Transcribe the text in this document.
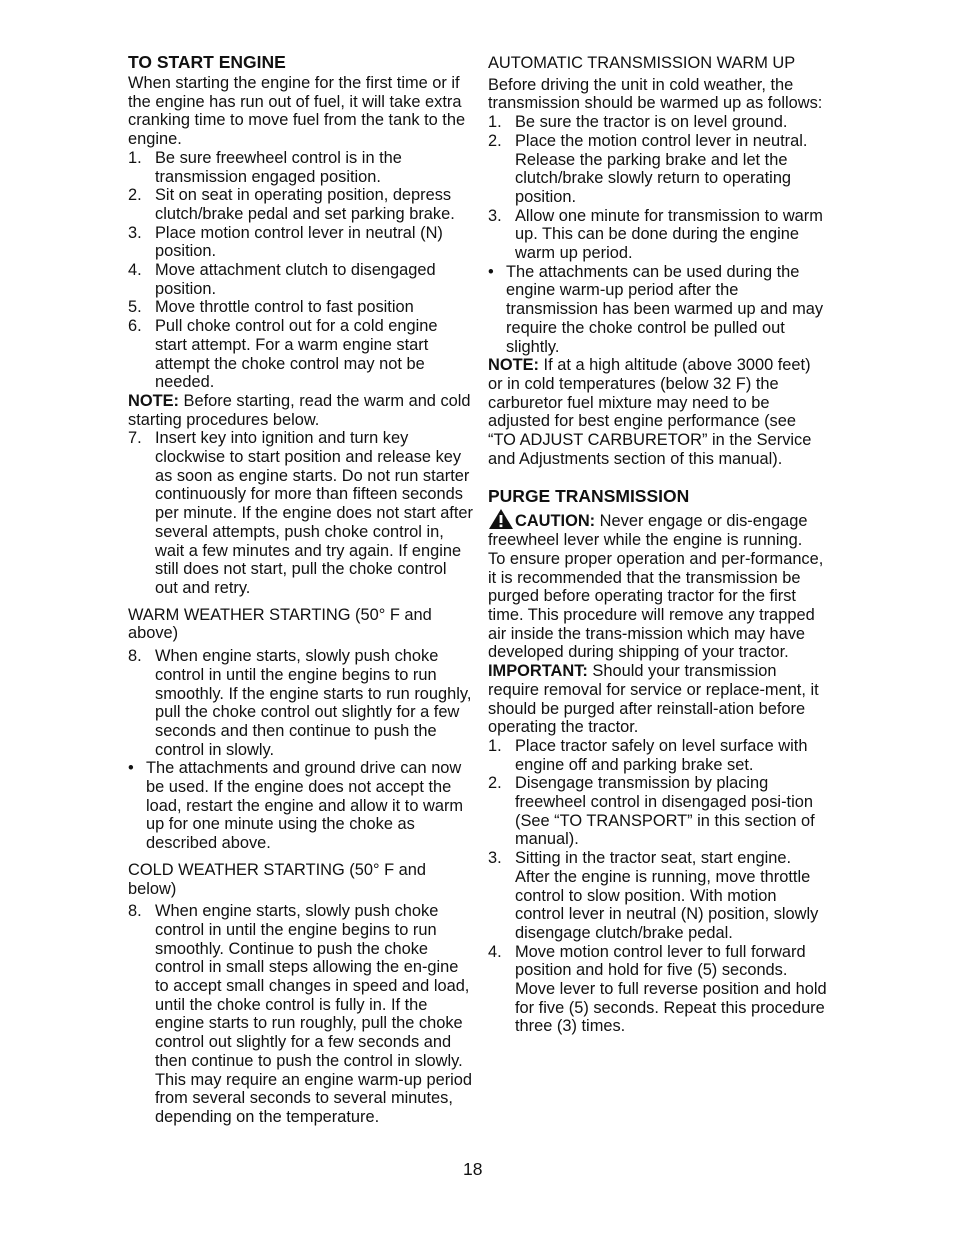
TO START ENGINE

When starting the engine for the first time or if the engine has run out of fuel, it will take extra cranking time to move fuel from the tank to the engine.

1. Be sure freewheel control is in the transmission engaged position.
2. Sit on seat in operating position, depress clutch/brake pedal and set parking brake.
3. Place motion control lever in neutral (N) position.
4. Move attachment clutch to disengaged position.
5. Move throttle control to fast position
6. Pull choke control out for a cold engine start attempt. For a warm engine start attempt the choke control may not be needed.

NOTE: Before starting, read the warm and cold starting procedures below.

7. Insert key into ignition and turn key clockwise to start position and release key as soon as engine starts. Do not run starter continuously for more than fifteen seconds per minute. If the engine does not start after several attempts, push choke control in, wait a few minutes and try again. If engine still does not start, pull the choke control out and retry.

WARM WEATHER STARTING (50° F and above)

8. When engine starts, slowly push choke control in until the engine begins to run smoothly. If the engine starts to run roughly, pull the choke control out slightly for a few seconds and then continue to push the control in slowly.
• The attachments and ground drive can now be used. If the engine does not accept the load, restart the engine and allow it to warm up for one minute using the choke as described above.

COLD WEATHER STARTING (50° F and below)

8. When engine starts, slowly push choke control in until the engine begins to run smoothly. Continue to push the choke control in small steps allowing the en-gine to accept small changes in speed and load, until the choke control is fully in. If the engine starts to run roughly, pull the choke control out slightly for a few seconds and then continue to push the control in slowly. This may require an engine warm-up period from several seconds to several minutes, depending on the temperature.

AUTOMATIC TRANSMISSION WARM UP

Before driving the unit in cold weather, the transmission should be warmed up as follows:

1. Be sure the tractor is on level ground.
2. Place the motion control lever in neutral. Release the parking brake and let the clutch/brake slowly return to operating position.
3. Allow one minute for transmission to warm up. This can be done during the engine warm up period.
• The attachments can be used during the engine warm-up period after the transmission has been warmed up and may require the choke control be pulled out slightly.

NOTE: If at a high altitude (above 3000 feet) or in cold temperatures (below 32 F) the carburetor fuel mixture may need to be adjusted for best engine performance (see “TO ADJUST CARBURETOR” in the Service and Adjustments section of this manual).

PURGE TRANSMISSION

CAUTION: Never engage or dis-engage freewheel lever while the engine is running.

To ensure proper operation and per-formance, it is recommended that the transmission be purged before operating tractor for the first time. This procedure will remove any trapped air inside the trans-mission which may have developed during shipping of your tractor.

IMPORTANT: Should your transmission require removal for service or replace-ment, it should be purged after reinstall-ation before operating the tractor.

1. Place tractor safely on level surface with engine off and parking brake set.
2. Disengage transmission by placing freewheel control in disengaged posi-tion (See “TO TRANSPORT” in this section of manual).
3. Sitting in the tractor seat, start engine. After the engine is running, move throttle control to slow position. With motion control lever in neutral (N) position, slowly disengage clutch/brake pedal.
4. Move motion control lever to full forward position and hold for five (5) seconds. Move lever to full reverse position and hold for five (5) seconds. Repeat this procedure three (3) times.
18
